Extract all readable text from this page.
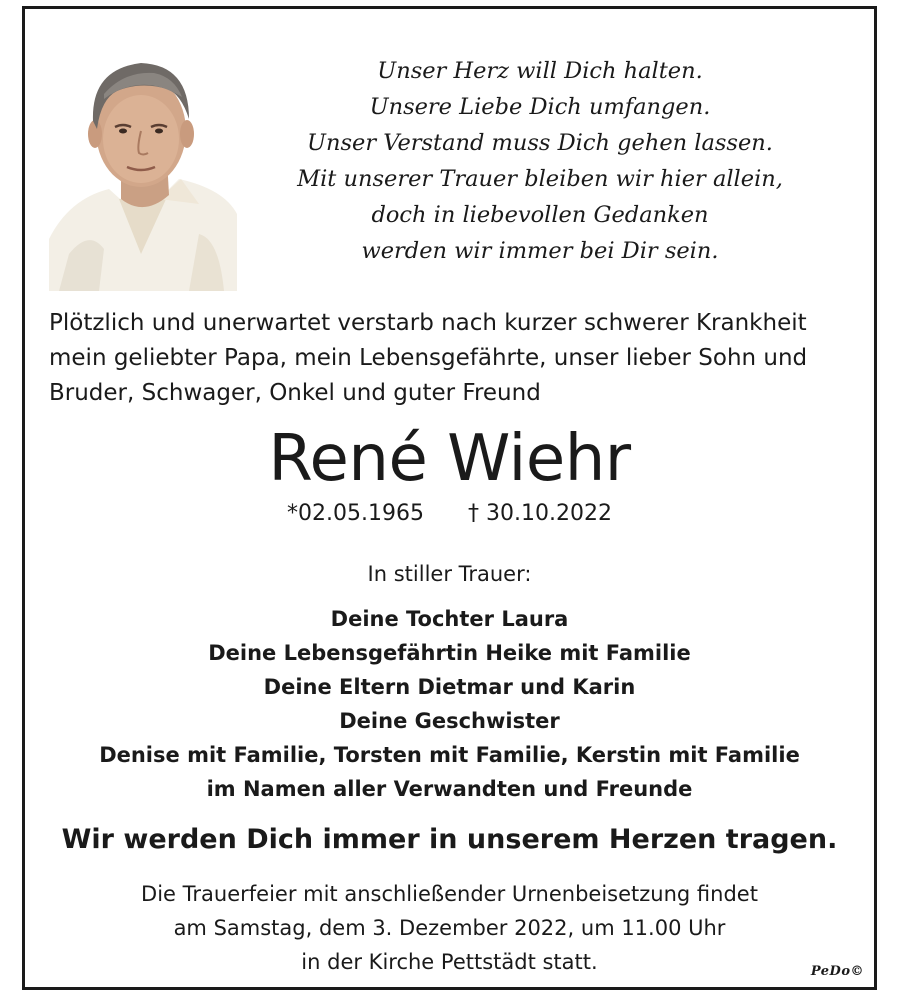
Unser Herz will Dich halten.
Unsere Liebe Dich umfangen.
Unser Verstand muss Dich gehen lassen.
Mit unserer Trauer bleiben wir hier allein,
doch in liebevollen Gedanken
werden wir immer bei Dir sein.
Plötzlich und unerwartet verstarb nach kurzer schwerer Krankheit
mein geliebter Papa, mein Lebensgefährte, unser lieber Sohn und
Bruder, Schwager, Onkel und guter Freund
René Wiehr
*02.05.1965 † 30.10.2022
In stiller Trauer:
Deine Tochter Laura
Deine Lebensgefährtin Heike mit Familie
Deine Eltern Dietmar und Karin
Deine Geschwister
Denise mit Familie, Torsten mit Familie, Kerstin mit Familie
im Namen aller Verwandten und Freunde
Wir werden Dich immer in unserem Herzen tragen.
Die Trauerfeier mit anschließender Urnenbeisetzung findet
am Samstag, dem 3. Dezember 2022, um 11.00 Uhr
in der Kirche Pettstädt statt.	PeDo©
